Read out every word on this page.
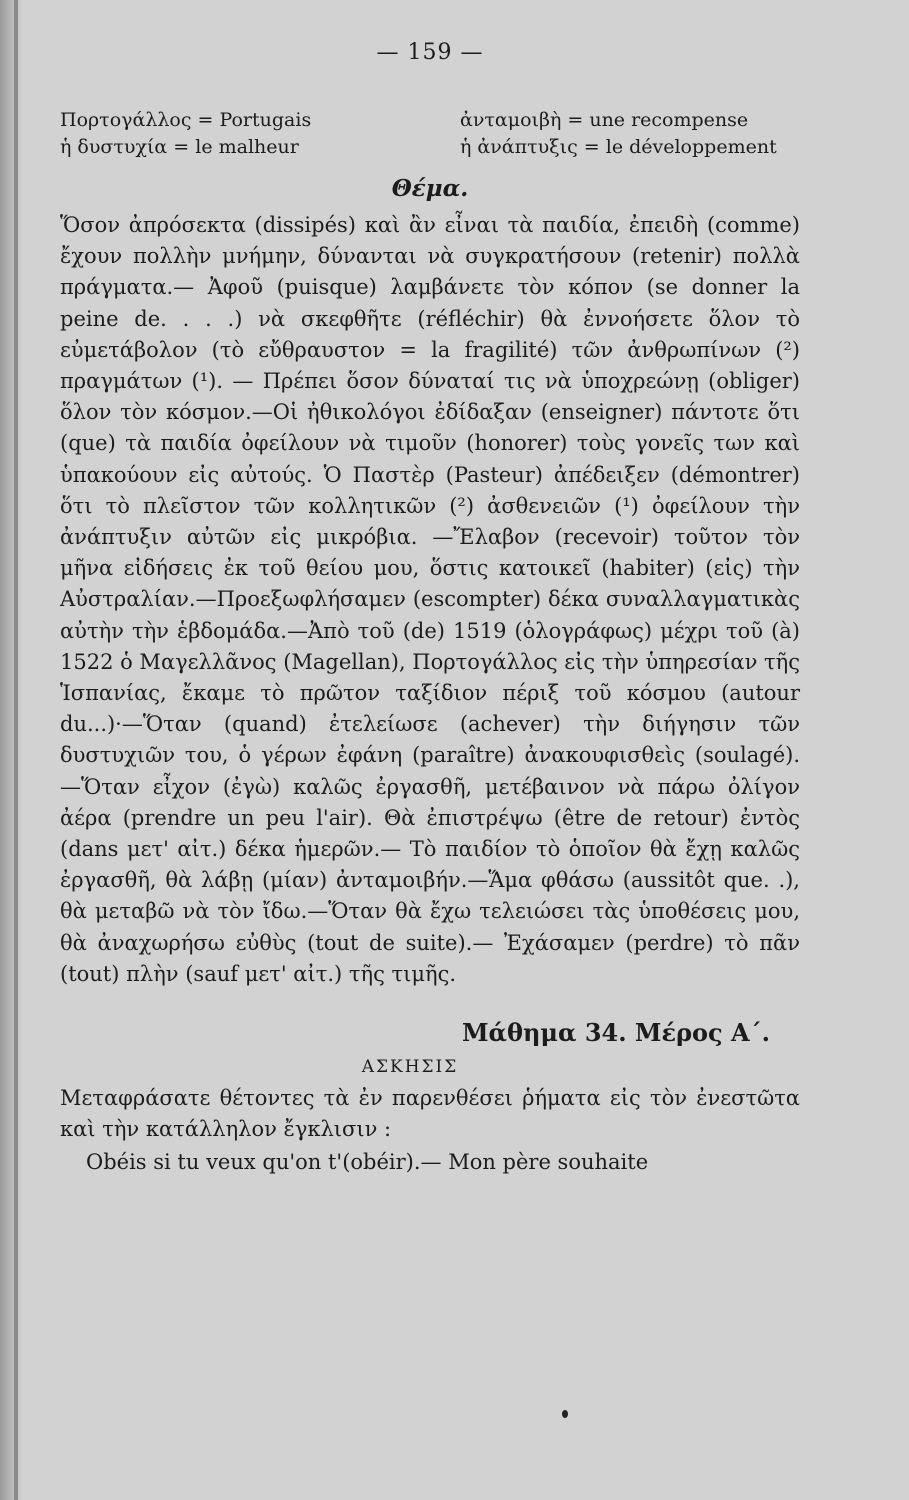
— 159 —
Πορτογάλλος = Portugais
ἡ δυστυχία = le malheur
ἀνταμοιβὴ = une recompense
ἡ ἀνάπτυξις = le développement
Θέμα.

Ὅσον ἀπρόσεκτα (dissipés) καὶ ἂν εἶναι τὰ παιδία, ἐπειδὴ (comme) ἔχουν πολλὴν μνήμην, δύνανται νὰ συγκρατήσουν (retenir) πολλὰ πράγματα.— Ἀφοῦ (puisque) λαμβάνετε τὸν κόπον (se donner la peine de. . . .) νὰ σκεφθῆτε (réfléchir) θὰ ἐννοήσετε ὅλον τὸ εὐμετάβολον (τὸ εὔθραυστον = la fragilité) τῶν ἀνθρωπίνων (²) πραγμάτων (¹). — Πρέπει ὅσον δύναταί τις νὰ ὑποχρεώνῃ (obliger) ὅλον τὸν κόσμον.—Οἱ ἠθικολόγοι ἐδίδαξαν (enseigner) πάντοτε ὅτι (que) τὰ παιδία ὀφείλουν νὰ τιμοῦν (honorer) τοὺς γονεῖς των καὶ ὑπακούουν εἰς αὐτούς. Ὁ Παστὲρ (Pasteur) ἀπέδειξεν (démontrer) ὅτι τὸ πλεῖστον τῶν κολλητικῶν (²) ἀσθενειῶν (¹) ὀφείλουν τὴν ἀνάπτυξιν αὐτῶν εἰς μικρόβια. —Ἔλαβον (recevoir) τοῦτον τὸν μῆνα εἰδήσεις ἐκ τοῦ θείου μου, ὅστις κατοικεῖ (habiter) (εἰς) τὴν Αὐστραλίαν.—Προεξωφλήσαμεν (escompter) δέκα συναλλαγματικὰς αὐτὴν τὴν ἑβδομάδα.—Ἀπὸ τοῦ (de) 1519 (ὁλογράφως) μέχρι τοῦ (à) 1522 ὁ Μαγελλᾶνος (Magellan), Πορτογάλλος εἰς τὴν ὑπηρεσίαν τῆς Ἱσπανίας, ἔκαμε τὸ πρῶτον ταξίδιον πέριξ τοῦ κόσμου (autour du...)·—Ὅταν (quand) ἐτελείωσε (achever) τὴν διήγησιν τῶν δυστυχιῶν του, ὁ γέρων ἐφάνη (paraître) ἀνακουφισθεὶς (soulagé). —Ὅταν εἶχον (ἐγὼ) καλῶς ἐργασθῆ, μετέβαινον νὰ πάρω ὀλίγον ἀέρα (prendre un peu l'air). Θὰ ἐπιστρέψω (être de retour) ἐντὸς (dans μετ' αἰτ.) δέκα ἡμερῶν.— Τὸ παιδίον τὸ ὁποῖον θὰ ἔχῃ καλῶς ἐργασθῆ, θὰ λάβῃ (μίαν) ἀνταμοιβήν.—Ἅμα φθάσω (aussitôt que. .), θὰ μεταβῶ νὰ τὸν ἴδω.—Ὅταν θὰ ἔχω τελειώσει τὰς ὑποθέσεις μου, θὰ ἀναχωρήσω εὐθὺς (tout de suite).— Ἐχάσαμεν (perdre) τὸ πᾶν (tout) πλὴν (sauf μετ' αἰτ.) τῆς τιμῆς.

Μάθημα 34. Μέρος Α΄.
ΑΣΚΗΣΙΣ
Μεταφράσατε θέτοντες τὰ ἐν παρενθέσει ῥήματα εἰς τὸν ἐνεστῶτα καὶ τὴν κατάλληλον ἔγκλισιν :
Obéis si tu veux qu'on t'(obéir).— Mon père souhaite
